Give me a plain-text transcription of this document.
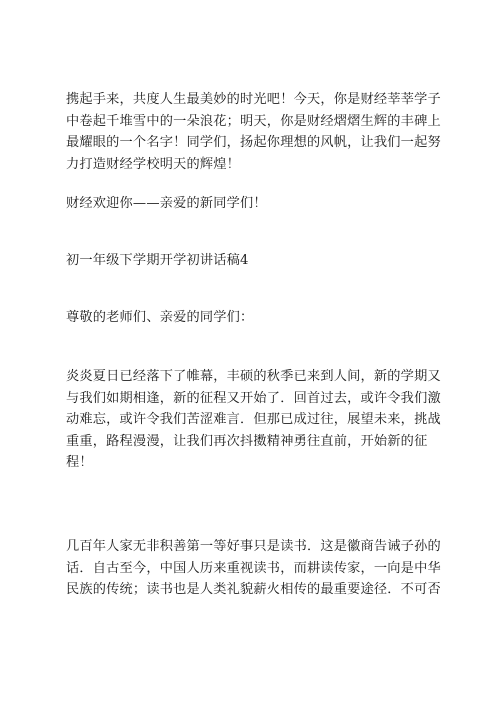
携起手来，共度人生最美妙的时光吧！今天，你是财经莘莘学子
中卷起千堆雪中的一朵浪花；明天，你是财经熠熠生辉的丰碑上
最耀眼的一个名字！同学们，扬起你理想的风帆，让我们一起努
力打造财经学校明天的辉煌！
财经欢迎你——亲爱的新同学们！
初一年级下学期开学初讲话稿4
尊敬的老师们、亲爱的同学们：
炎炎夏日已经落下了帷幕，丰硕的秋季已来到人间，新的学期又
与我们如期相逢，新的征程又开始了．回首过去，或许令我们激
动难忘，或许令我们苦涩难言．但那已成过往，展望未来，挑战
重重，路程漫漫，让我们再次抖擞精神勇往直前，开始新的征
程！
几百年人家无非积善第一等好事只是读书．这是徽商告诫子孙的
话．自古至今，中国人历来重视读书，而耕读传家，一向是中华
民族的传统；读书也是人类礼貌薪火相传的最重要途径．不可否
